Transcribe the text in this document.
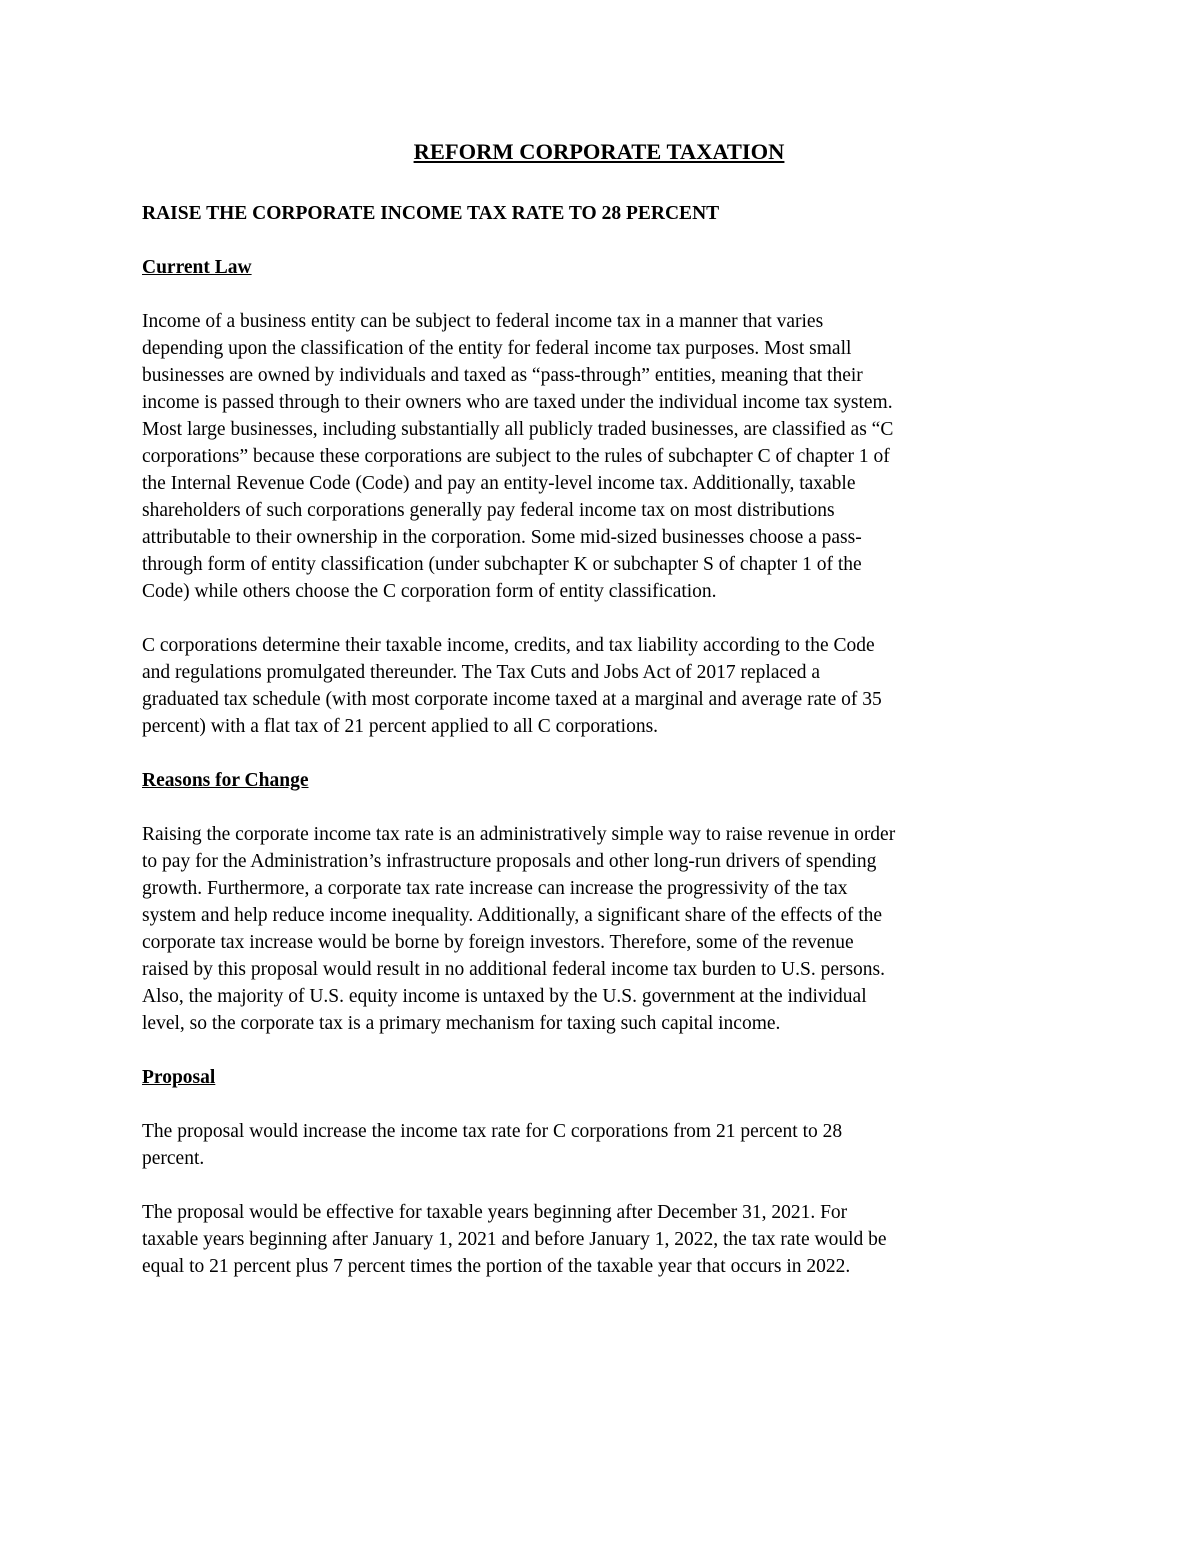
REFORM CORPORATE TAXATION
RAISE THE CORPORATE INCOME TAX RATE TO 28 PERCENT
Current Law
Income of a business entity can be subject to federal income tax in a manner that varies
depending upon the classification of the entity for federal income tax purposes. Most small
businesses are owned by individuals and taxed as “pass-through” entities, meaning that their
income is passed through to their owners who are taxed under the individual income tax system.
Most large businesses, including substantially all publicly traded businesses, are classified as “C
corporations” because these corporations are subject to the rules of subchapter C of chapter 1 of
the Internal Revenue Code (Code) and pay an entity-level income tax. Additionally, taxable
shareholders of such corporations generally pay federal income tax on most distributions
attributable to their ownership in the corporation. Some mid-sized businesses choose a pass-
through form of entity classification (under subchapter K or subchapter S of chapter 1 of the
Code) while others choose the C corporation form of entity classification.
C corporations determine their taxable income, credits, and tax liability according to the Code
and regulations promulgated thereunder. The Tax Cuts and Jobs Act of 2017 replaced a
graduated tax schedule (with most corporate income taxed at a marginal and average rate of 35
percent) with a flat tax of 21 percent applied to all C corporations.
Reasons for Change
Raising the corporate income tax rate is an administratively simple way to raise revenue in order
to pay for the Administration’s infrastructure proposals and other long-run drivers of spending
growth. Furthermore, a corporate tax rate increase can increase the progressivity of the tax
system and help reduce income inequality. Additionally, a significant share of the effects of the
corporate tax increase would be borne by foreign investors. Therefore, some of the revenue
raised by this proposal would result in no additional federal income tax burden to U.S. persons.
Also, the majority of U.S. equity income is untaxed by the U.S. government at the individual
level, so the corporate tax is a primary mechanism for taxing such capital income.
Proposal
The proposal would increase the income tax rate for C corporations from 21 percent to 28
percent.
The proposal would be effective for taxable years beginning after December 31, 2021. For
taxable years beginning after January 1, 2021 and before January 1, 2022, the tax rate would be
equal to 21 percent plus 7 percent times the portion of the taxable year that occurs in 2022.
